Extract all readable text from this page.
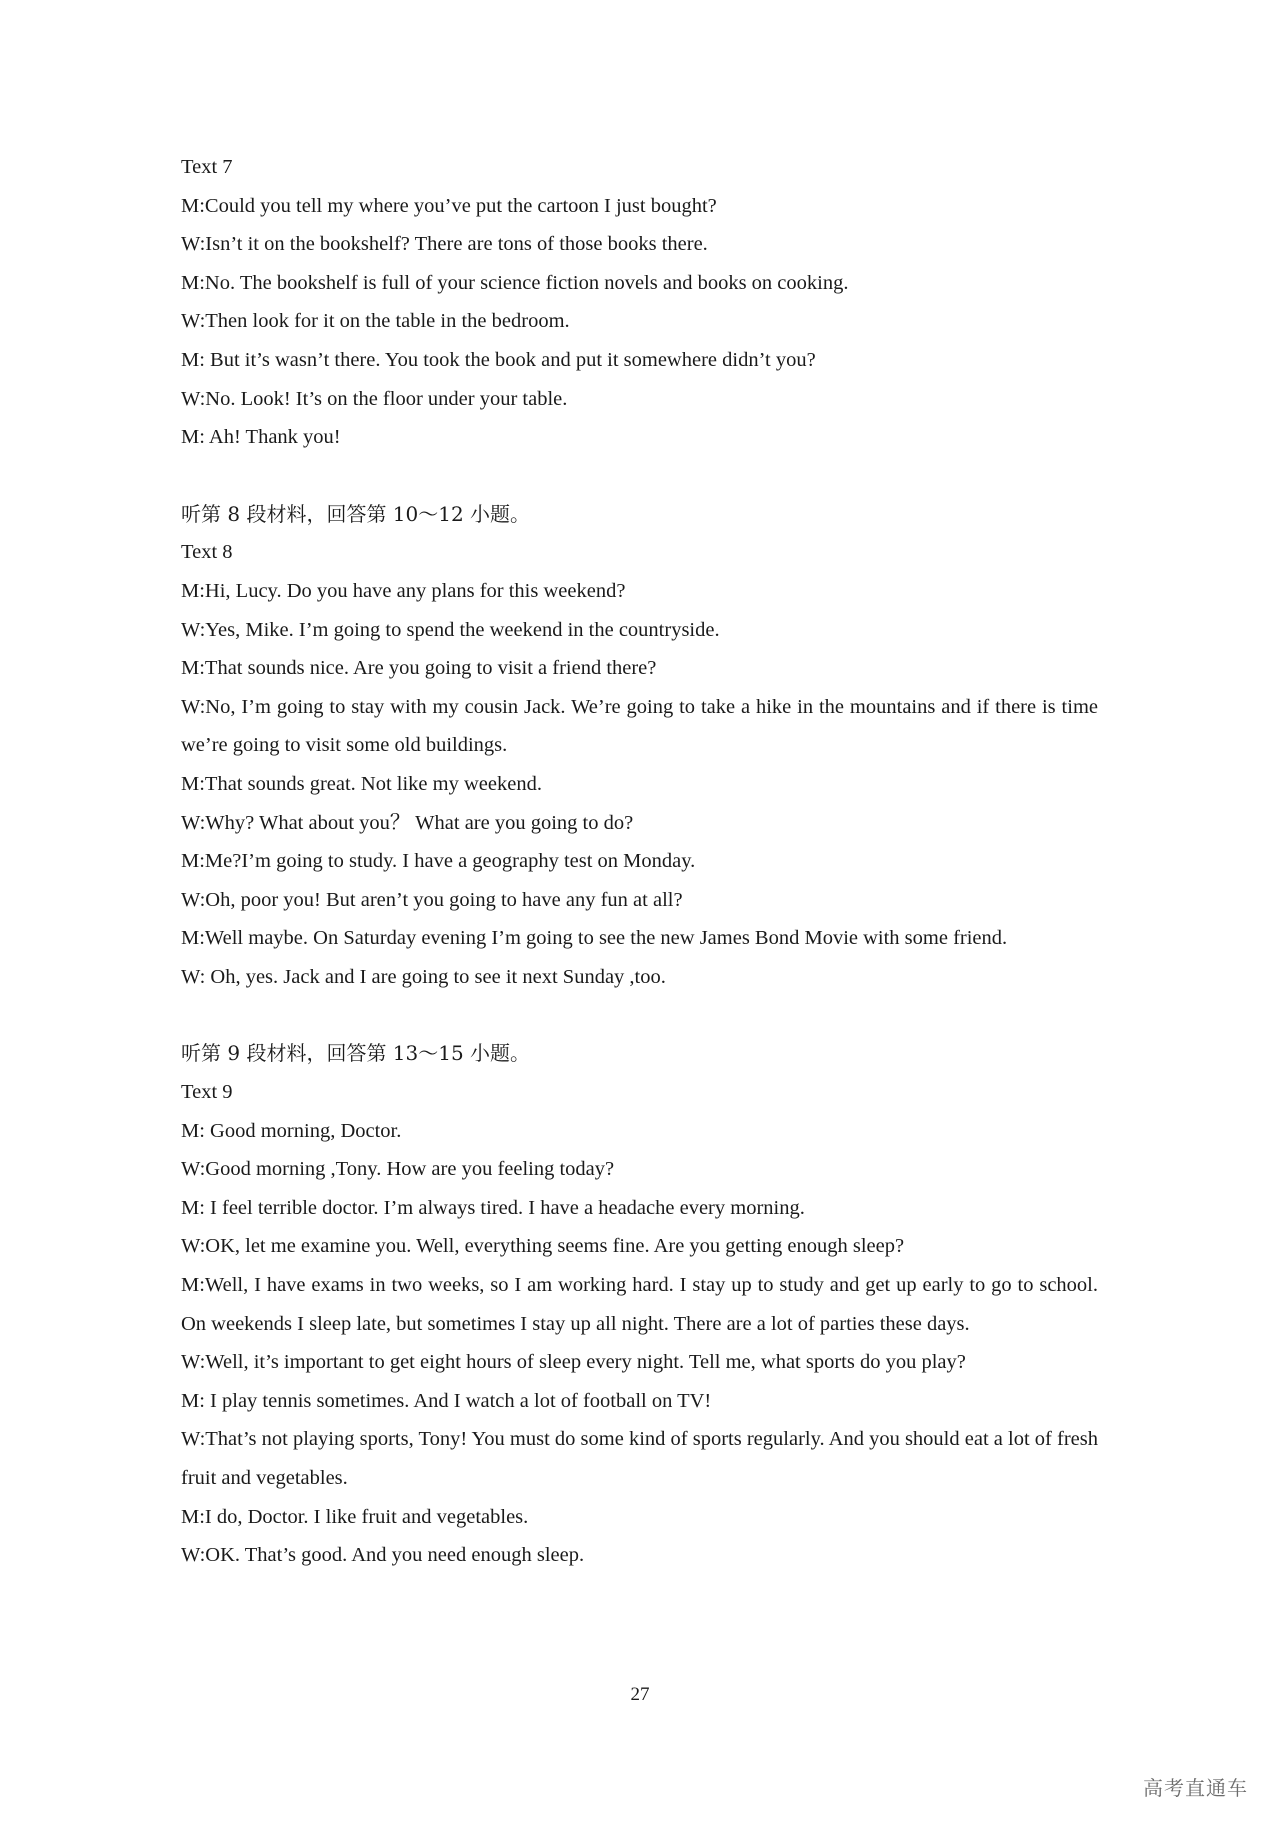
Text 7

M:Could you tell my where you’ve put the cartoon I just bought?

W:Isn’t it on the bookshelf? There are tons of those books there.

M:No. The bookshelf is full of your science fiction novels and books on cooking.

W:Then look for it on the table in the bedroom.

M: But it’s wasn’t there. You took the book and put it somewhere didn’t you?

W:No. Look! It’s on the floor under your table.

M: Ah! Thank you!

听第 8 段材料，回答第 10～12 小题。

Text 8

M:Hi, Lucy. Do you have any plans for this weekend?

W:Yes, Mike. I’m going to spend the weekend in the countryside.

M:That sounds nice. Are you going to visit a friend there?

W:No, I’m going to stay with my cousin Jack. We’re going to take a hike in the mountains and if there is time we’re going to visit some old buildings.

M:That sounds great. Not like my weekend.

W:Why? What about you？ What are you going to do?

M:Me?I’m going to study. I have a geography test on Monday.

W:Oh, poor you! But aren’t you going to have any fun at all?

M:Well maybe. On Saturday evening I’m going to see the new James Bond Movie with some friend.

W: Oh, yes. Jack and I are going to see it next Sunday ,too.

听第 9 段材料，回答第 13～15 小题。

Text 9

M: Good morning, Doctor.

W:Good morning ,Tony. How are you feeling today?

M: I feel terrible doctor. I’m always tired. I have a headache every morning.

W:OK, let me examine you. Well, everything seems fine. Are you getting enough sleep?

M:Well, I have exams in two weeks, so I am working hard. I stay up to study and get up early to go to school. On weekends I sleep late, but sometimes I stay up all night. There are a lot of parties these days.

W:Well, it’s important to get eight hours of sleep every night. Tell me, what sports do you play?

M: I play tennis sometimes. And I watch a lot of football on TV!

W:That’s not playing sports, Tony! You must do some kind of sports regularly. And you should eat a lot of fresh fruit and vegetables.

M:I do, Doctor. I like fruit and vegetables.

W:OK. That’s good. And you need enough sleep.

27
高考直通车
